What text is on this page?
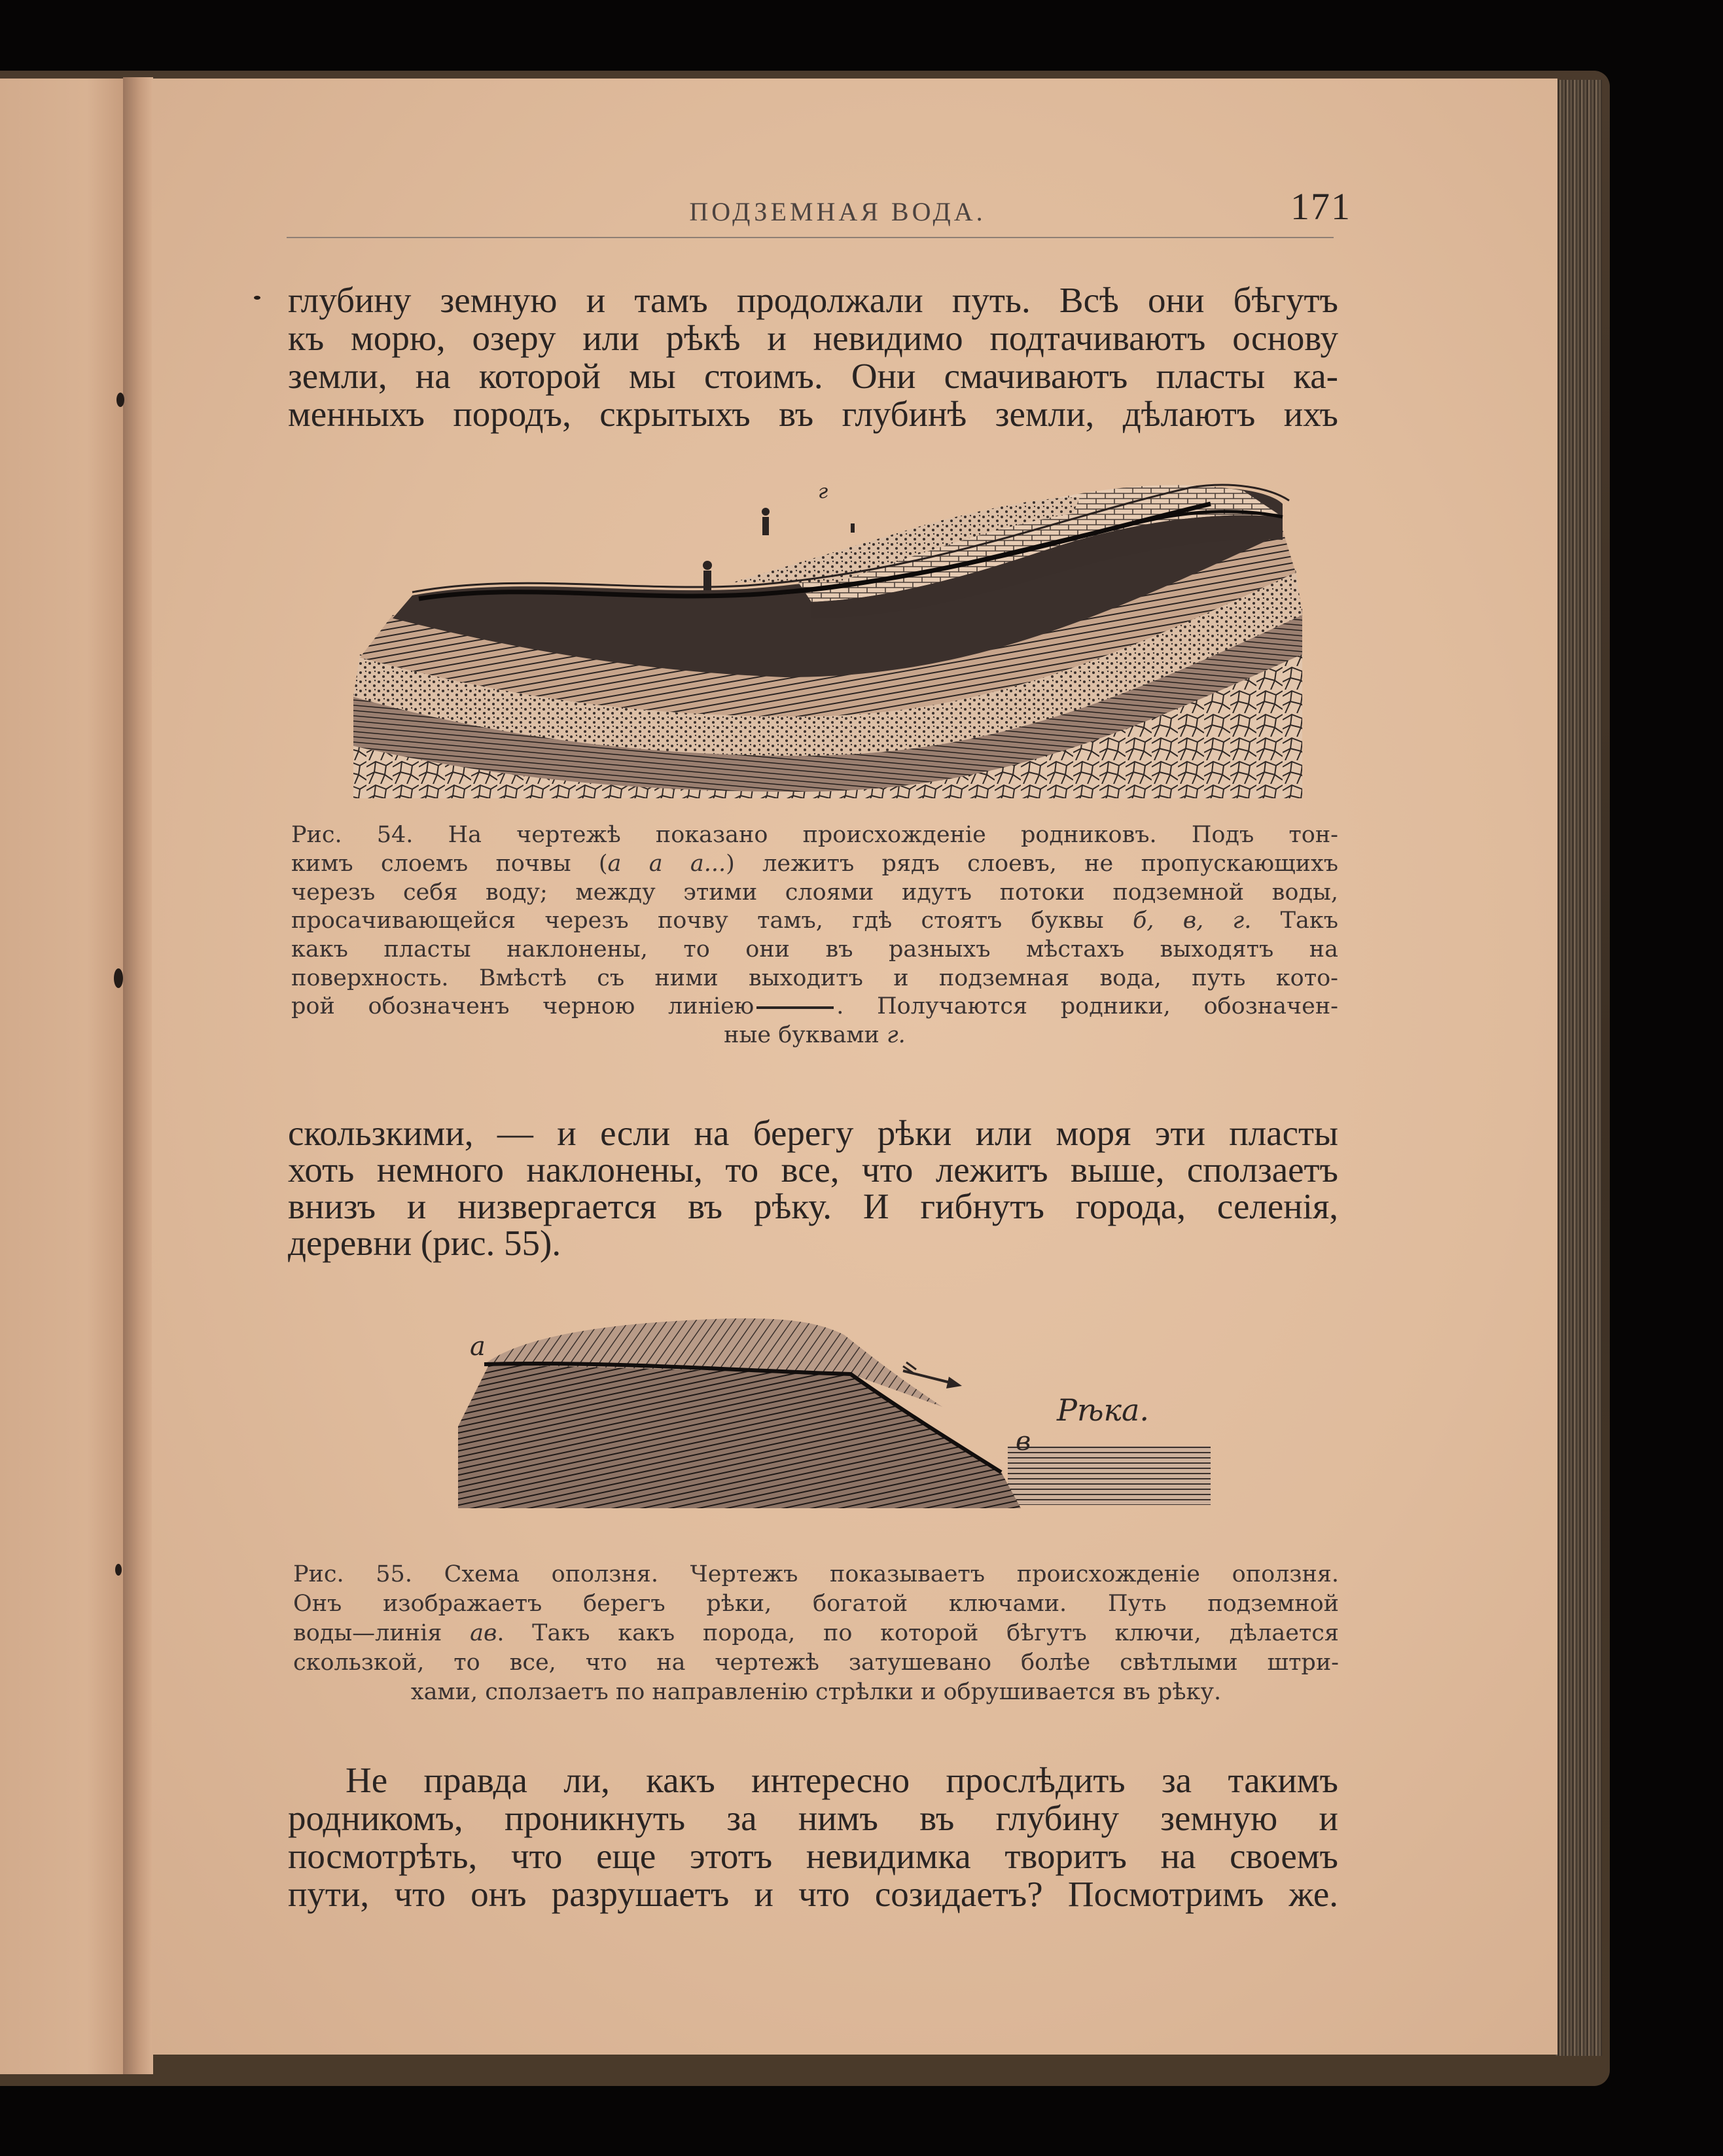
ПОДЗЕМНАЯ ВОДА.	171

глубину земную и тамъ продолжали путь. Всѣ они бѣгутъ

къ морю, озеру или рѣкѣ и невидимо подтачиваютъ основу

земли, на которой мы стоимъ. Они смачиваютъ пласты ка-

менныхъ породъ, скрытыхъ въ глубинѣ земли, дѣлаютъ ихъ

г

Рис. 54. На чертежѣ показано происхожденіе родниковъ. Подъ тон-

кимъ слоемъ почвы (а а а...) лежитъ рядъ слоевъ, не пропускающихъ

черезъ себя воду; между этими слоями идутъ потоки подземной воды,

просачивающейся черезъ почву тамъ, гдѣ стоятъ буквы б, в, г. Такъ

какъ пласты наклонены, то они въ разныхъ мѣстахъ выходятъ на

поверхность. Вмѣстѣ съ ними выходитъ и подземная вода, путь кото-

рой обозначенъ черною линіею	. Получаются родники, обозначен-

ные буквами г.

скользкими, — и если на берегу рѣки или моря эти пласты

хоть немного наклонены, то все, что лежитъ выше, сползаетъ

внизъ и низвергается въ рѣку. И гибнутъ города, селенія,

деревни (рис. 55).

а
в
Рѣка.

Рис. 55. Схема оползня. Чертежъ показываетъ происхожденіе оползня.

Онъ изображаетъ берегъ рѣки, богатой ключами. Путь подземной

воды—линія ав. Такъ какъ порода, по которой бѣгутъ ключи, дѣлается

скользкой, то все, что на чертежѣ затушевано болѣе свѣтлыми штри-

хами, сползаетъ по направленію стрѣлки и обрушивается въ рѣку.

Не правда ли, какъ интересно прослѣдить за такимъ

родникомъ, проникнуть за нимъ въ глубину земную и

посмотрѣть, что еще этотъ невидимка творитъ на своемъ

пути, что онъ разрушаетъ и что созидаетъ? Посмотримъ же.
